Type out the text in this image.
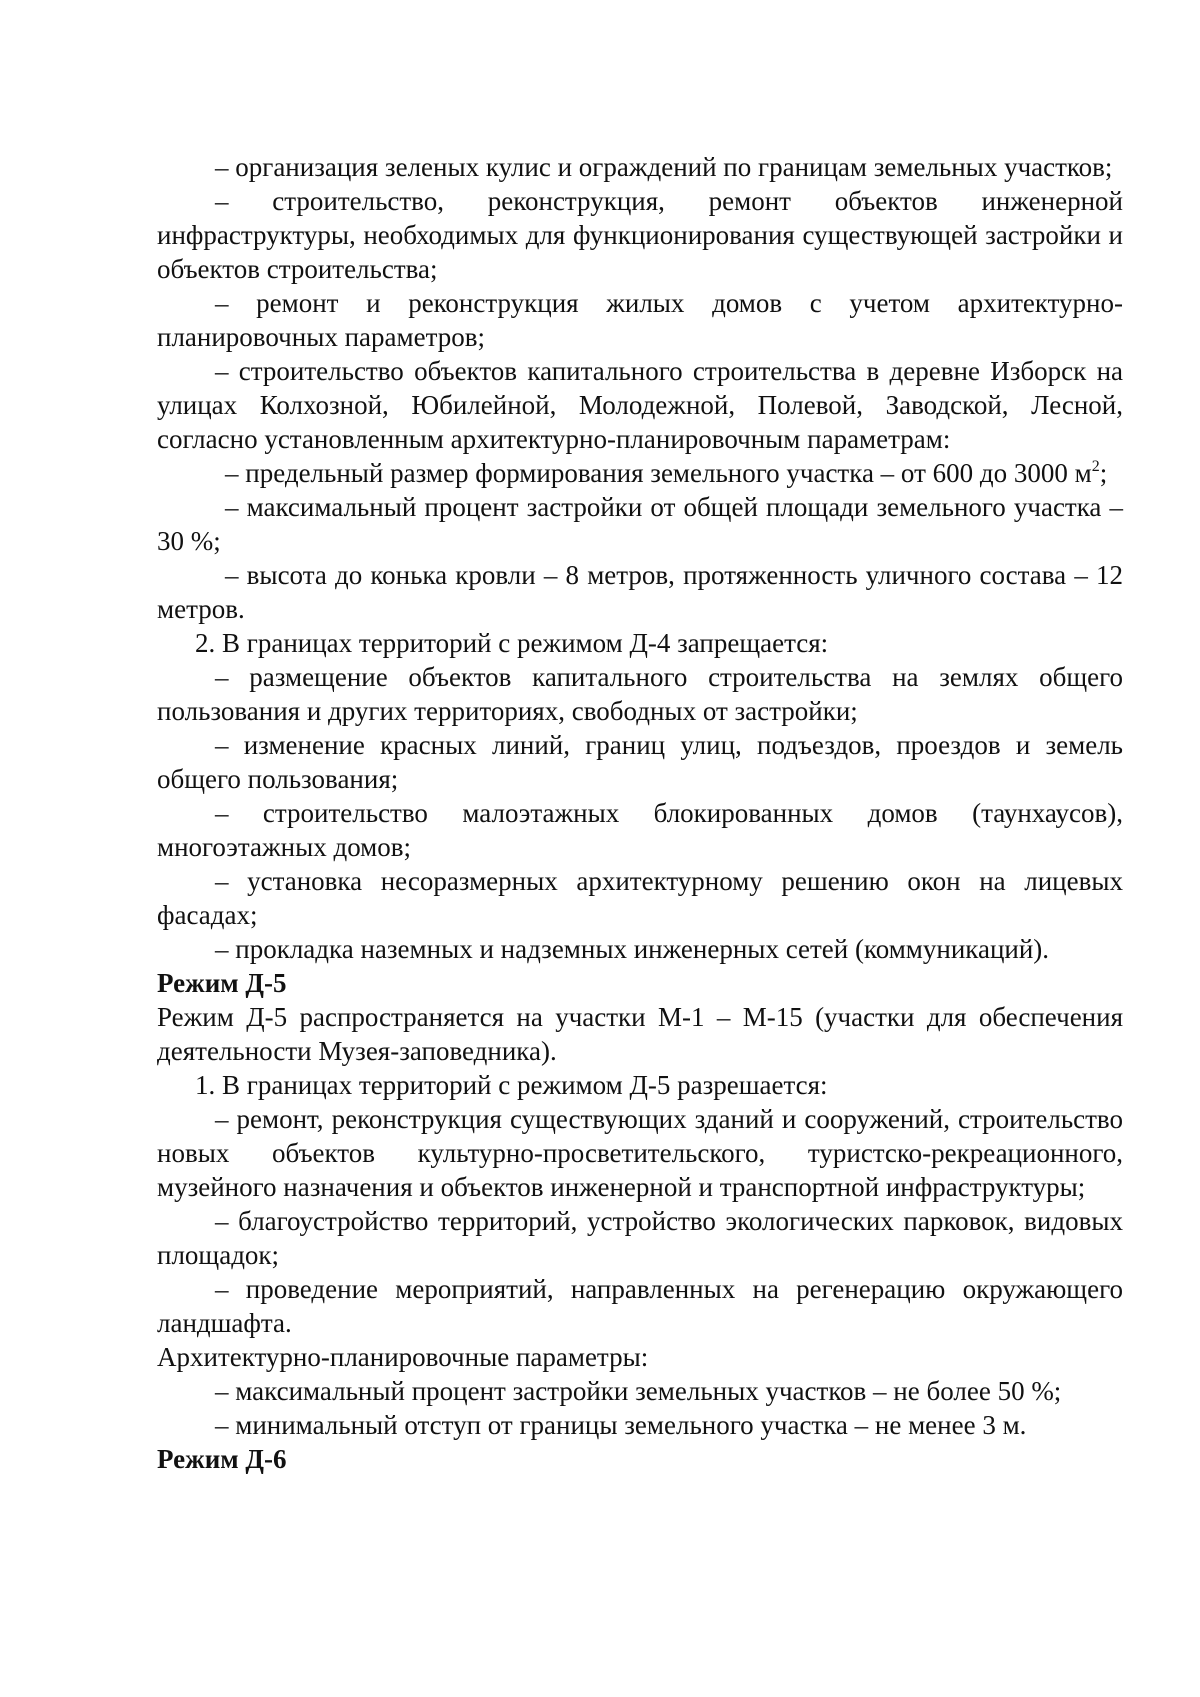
– организация зеленых кулис и ограждений по границам земельных участков;

– строительство, реконструкция, ремонт объектов инженерной инфраструктуры, необходимых для функционирования существующей застройки и объектов строительства;

– ремонт и реконструкция жилых домов с учетом архитектурно-планировочных параметров;

– строительство объектов капитального строительства в деревне Изборск на улицах Колхозной, Юбилейной, Молодежной, Полевой, Заводской, Лесной, согласно установленным архитектурно-планировочным параметрам:

– предельный размер формирования земельного участка – от 600 до 3000 $м^2$;

– максимальный процент застройки от общей площади земельного участка – 30 %;

– высота до конька кровли – 8 метров, протяженность уличного состава – 12 метров.

2. В границах территорий с режимом Д-4 запрещается:

– размещение объектов капитального строительства на землях общего пользования и других территориях, свободных от застройки;

– изменение красных линий, границ улиц, подъездов, проездов и земель общего пользования;

– строительство малоэтажных блокированных домов (таунхаусов), многоэтажных домов;

– установка несоразмерных архитектурному решению окон на лицевых фасадах;

– прокладка наземных и надземных инженерных сетей (коммуникаций).

Режим Д-5

Режим Д-5 распространяется на участки М-1 – М-15 (участки для обеспечения деятельности Музея-заповедника).

1. В границах территорий с режимом Д-5 разрешается:

– ремонт, реконструкция существующих зданий и сооружений, строительство новых объектов культурно-просветительского, туристско-рекреационного, музейного назначения и объектов инженерной и транспортной инфраструктуры;

– благоустройство территорий, устройство экологических парковок, видовых площадок;

– проведение мероприятий, направленных на регенерацию окружающего ландшафта.

Архитектурно-планировочные параметры:

– максимальный процент застройки земельных участков – не более 50 %;

– минимальный отступ от границы земельного участка – не менее 3 м.

Режим Д-6
